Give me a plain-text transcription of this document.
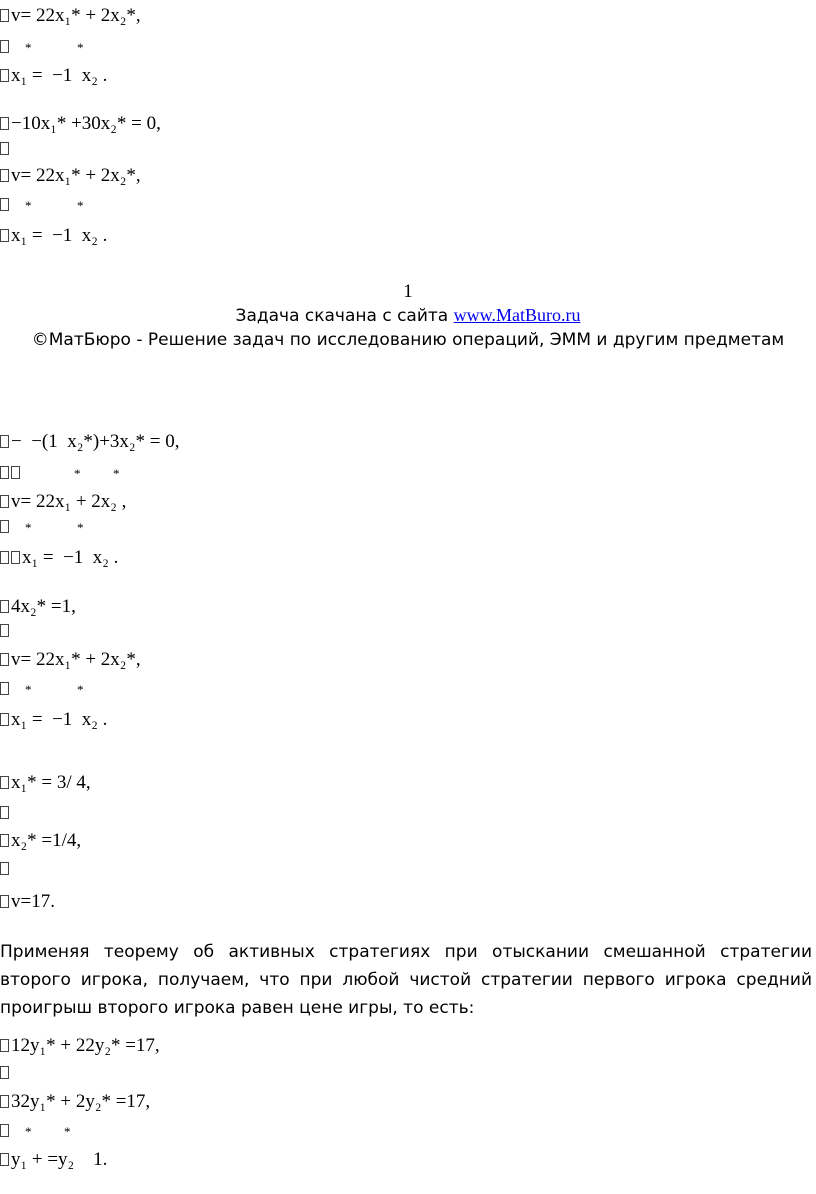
v= 22x₁* + 2x₂*,
*              *
x₁ =  −1  x₂ .
−10x₁* +30x₂* = 0,
v= 22x₁* + 2x₂*,
*              *
x₁ =  −1  x₂ .
1
Задача скачана с сайта www.MatBuro.ru
©МатБюро - Решение задач по исследованию операций, ЭММ и другим предметам
−  −(1  x₂*)+3x₂* = 0,
*          *
v= 22x₁ + 2x₂ ,
*              *
x₁ =  −1  x₂ .
4x₂* =1,
v= 22x₁* + 2x₂*,
*              *
x₁ =  −1  x₂ .
x₁* = 3/ 4,
x₂* =1/4,
v=17.
Применяя теорему об активных стратегиях при отыскании смешанной стратегии второго игрока, получаем, что при любой чистой стратегии первого игрока средний проигрыш второго игрока равен цене игры, то есть:
12y₁* + 22y₂* =17,
32y₁* + 2y₂* =17,
*          *
y₁ + =y₂    1.
